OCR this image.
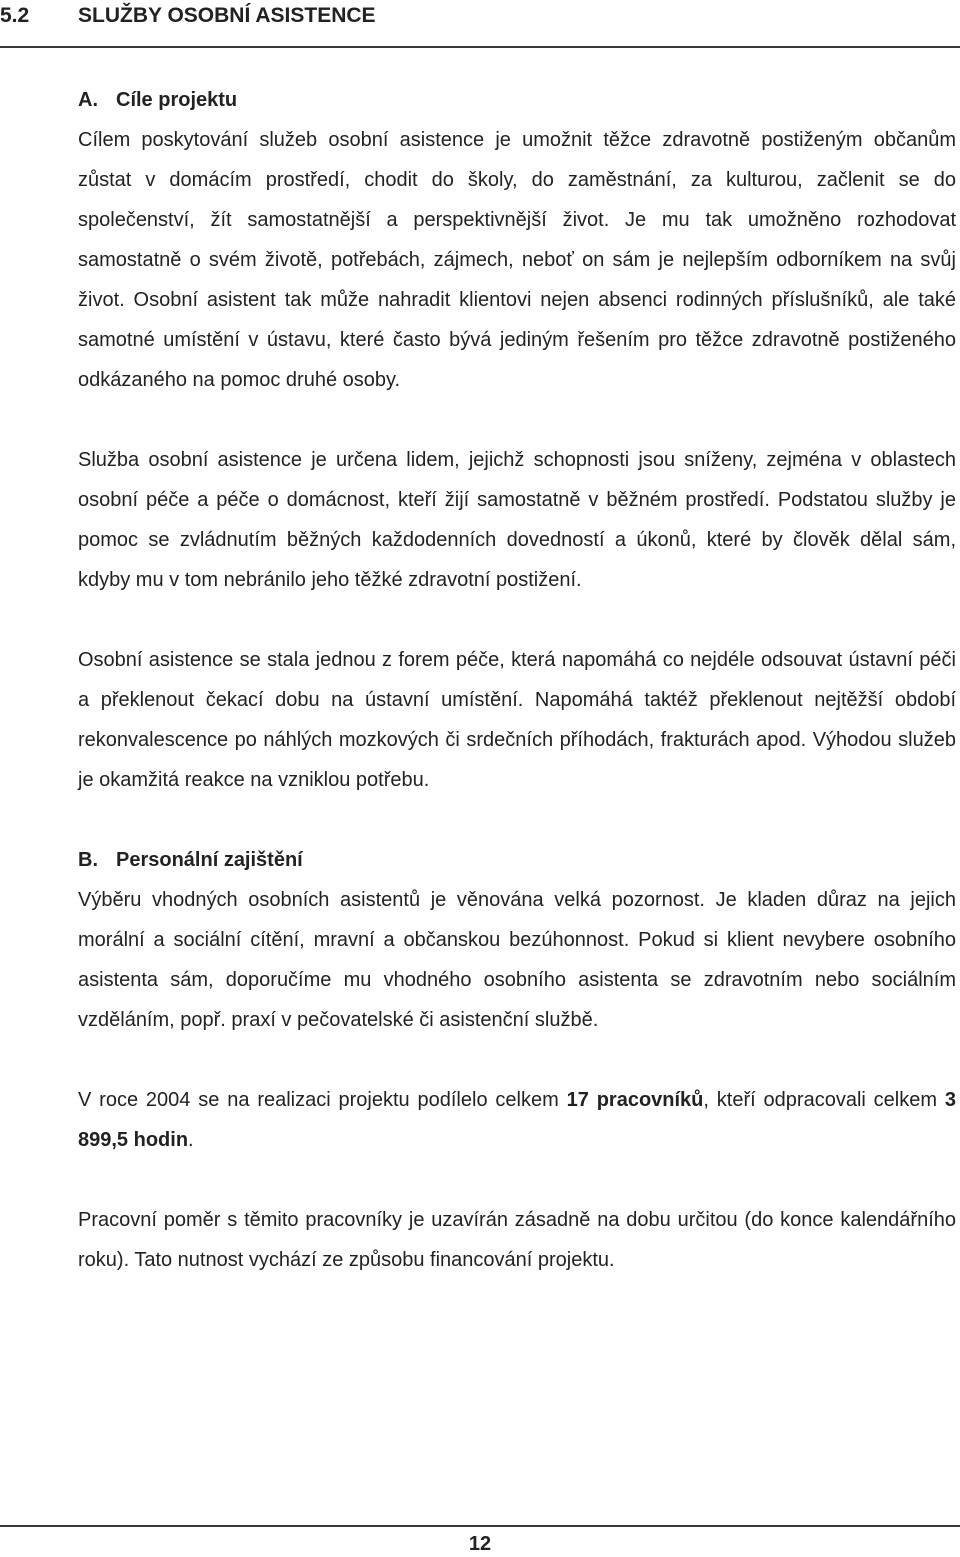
5.2 SLUŽBY OSOBNÍ ASISTENCE
A. Cíle projektu

Cílem poskytování služeb osobní asistence je umožnit těžce zdravotně postiženým občanům zůstat v domácím prostředí, chodit do školy, do zaměstnání, za kulturou, začlenit se do společenství, žít samostatnější a perspektivnější život. Je mu tak umožněno rozhodovat samostatně o svém životě, potřebách, zájmech, neboť on sám je nejlepším odborníkem na svůj život. Osobní asistent tak může nahradit klientovi nejen absenci rodinných příslušníků, ale také samotné umístění v ústavu, které často bývá jediným řešením pro těžce zdravotně postiženého odkázaného na pomoc druhé osoby.

Služba osobní asistence je určena lidem, jejichž schopnosti jsou sníženy, zejména v oblastech osobní péče a péče o domácnost, kteří žijí samostatně v běžném prostředí. Podstatou služby je pomoc se zvládnutím běžných každodenních dovedností a úkonů, které by člověk dělal sám, kdyby mu v tom nebránilo jeho těžké zdravotní postižení.

Osobní asistence se stala jednou z forem péče, která napomáhá co nejdéle odsouvat ústavní péči a překlenout čekací dobu na ústavní umístění. Napomáhá taktéž překlenout nejtěžší období rekonvalescence po náhlých mozkových či srdečních příhodách, frakturách apod. Výhodou služeb je okamžitá reakce na vzniklou potřebu.

B. Personální zajištění

Výběru vhodných osobních asistentů je věnována velká pozornost. Je kladen důraz na jejich morální a sociální cítění, mravní a občanskou bezúhonnost. Pokud si klient nevybere osobního asistenta sám, doporučíme mu vhodného osobního asistenta se zdravotním nebo sociálním vzděláním, popř. praxí v pečovatelské či asistenční službě.

V roce 2004 se na realizaci projektu podílelo celkem 17 pracovníků, kteří odpracovali celkem 3 899,5 hodin.

Pracovní poměr s těmito pracovníky je uzavírán zásadně na dobu určitou (do konce kalendářního roku). Tato nutnost vychází ze způsobu financování projektu.

12
